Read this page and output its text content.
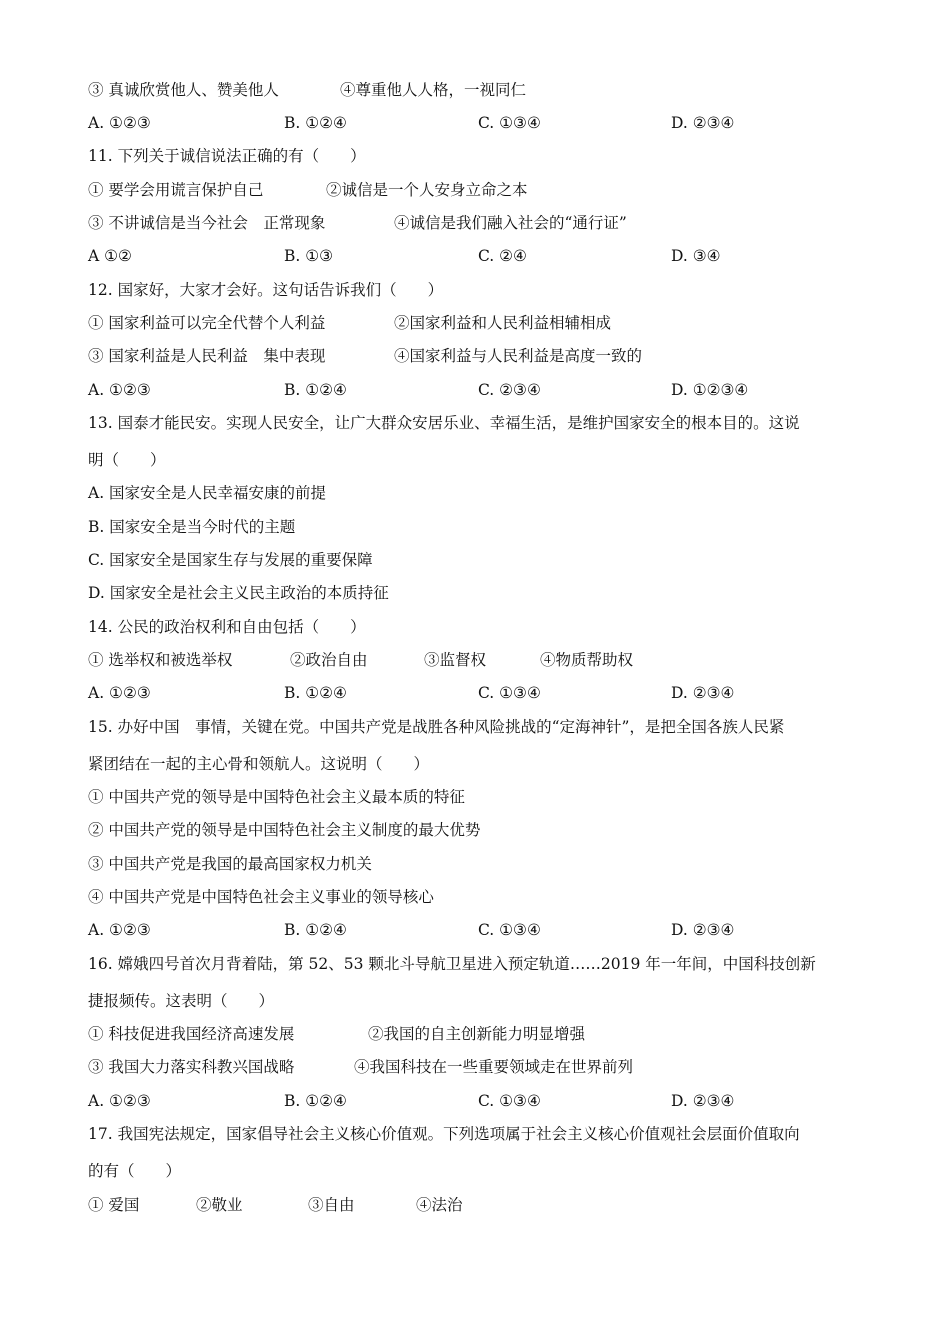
③ 真诚欣赏他人、赞美他人	④尊重他人人格，一视同仁
A. ①②③	B. ①②④	C. ①③④	D. ②③④
11. 下列关于诚信说法正确的有（　　）
① 要学会用谎言保护自己	②诚信是一个人安身立命之本
③ 不讲诚信是当今社会　正常现象	④诚信是我们融入社会的“通行证”
A ①②	B. ①③	C. ②④	D. ③④
12. 国家好，大家才会好。这句话告诉我们（　　）
① 国家利益可以完全代替个人利益	②国家利益和人民利益相辅相成
③ 国家利益是人民利益　集中表现	④国家利益与人民利益是高度一致的
A. ①②③	B. ①②④	C. ②③④	D. ①②③④
13. 国泰才能民安。实现人民安全，让广大群众安居乐业、幸福生活，是维护国家安全的根本目的。这说
明（　　）
A. 国家安全是人民幸福安康的前提
B. 国家安全是当今时代的主题
C. 国家安全是国家生存与发展的重要保障
D. 国家安全是社会主义民主政治的本质持征
14. 公民的政治权利和自由包括（　　）
① 选举权和被选举权	②政治自由	③监督权	④物质帮助权
A. ①②③	B. ①②④	C. ①③④	D. ②③④
15. 办好中国　事情，关键在党。中国共产党是战胜各种风险挑战的“定海神针”，是把全国各族人民紧
紧团结在一起的主心骨和领航人。这说明（　　）
① 中国共产党的领导是中国特色社会主义最本质的特征
② 中国共产党的领导是中国特色社会主义制度的最大优势
③ 中国共产党是我国的最高国家权力机关
④ 中国共产党是中国特色社会主义事业的领导核心
A. ①②③	B. ①②④	C. ①③④	D. ②③④
16. 嫦娥四号首次月背着陆，第 52、53 颗北斗导航卫星进入预定轨道……2019 年一年间，中国科技创新
捷报频传。这表明（　　）
① 科技促进我国经济高速发展	②我国的自主创新能力明显增强
③ 我国大力落实科教兴国战略	④我国科技在一些重要领域走在世界前列
A. ①②③	B. ①②④	C. ①③④	D. ②③④
17. 我国宪法规定，国家倡导社会主义核心价值观。下列选项属于社会主义核心价值观社会层面价值取向
的有（　　）
① 爱国	②敬业	③自由	④法治
